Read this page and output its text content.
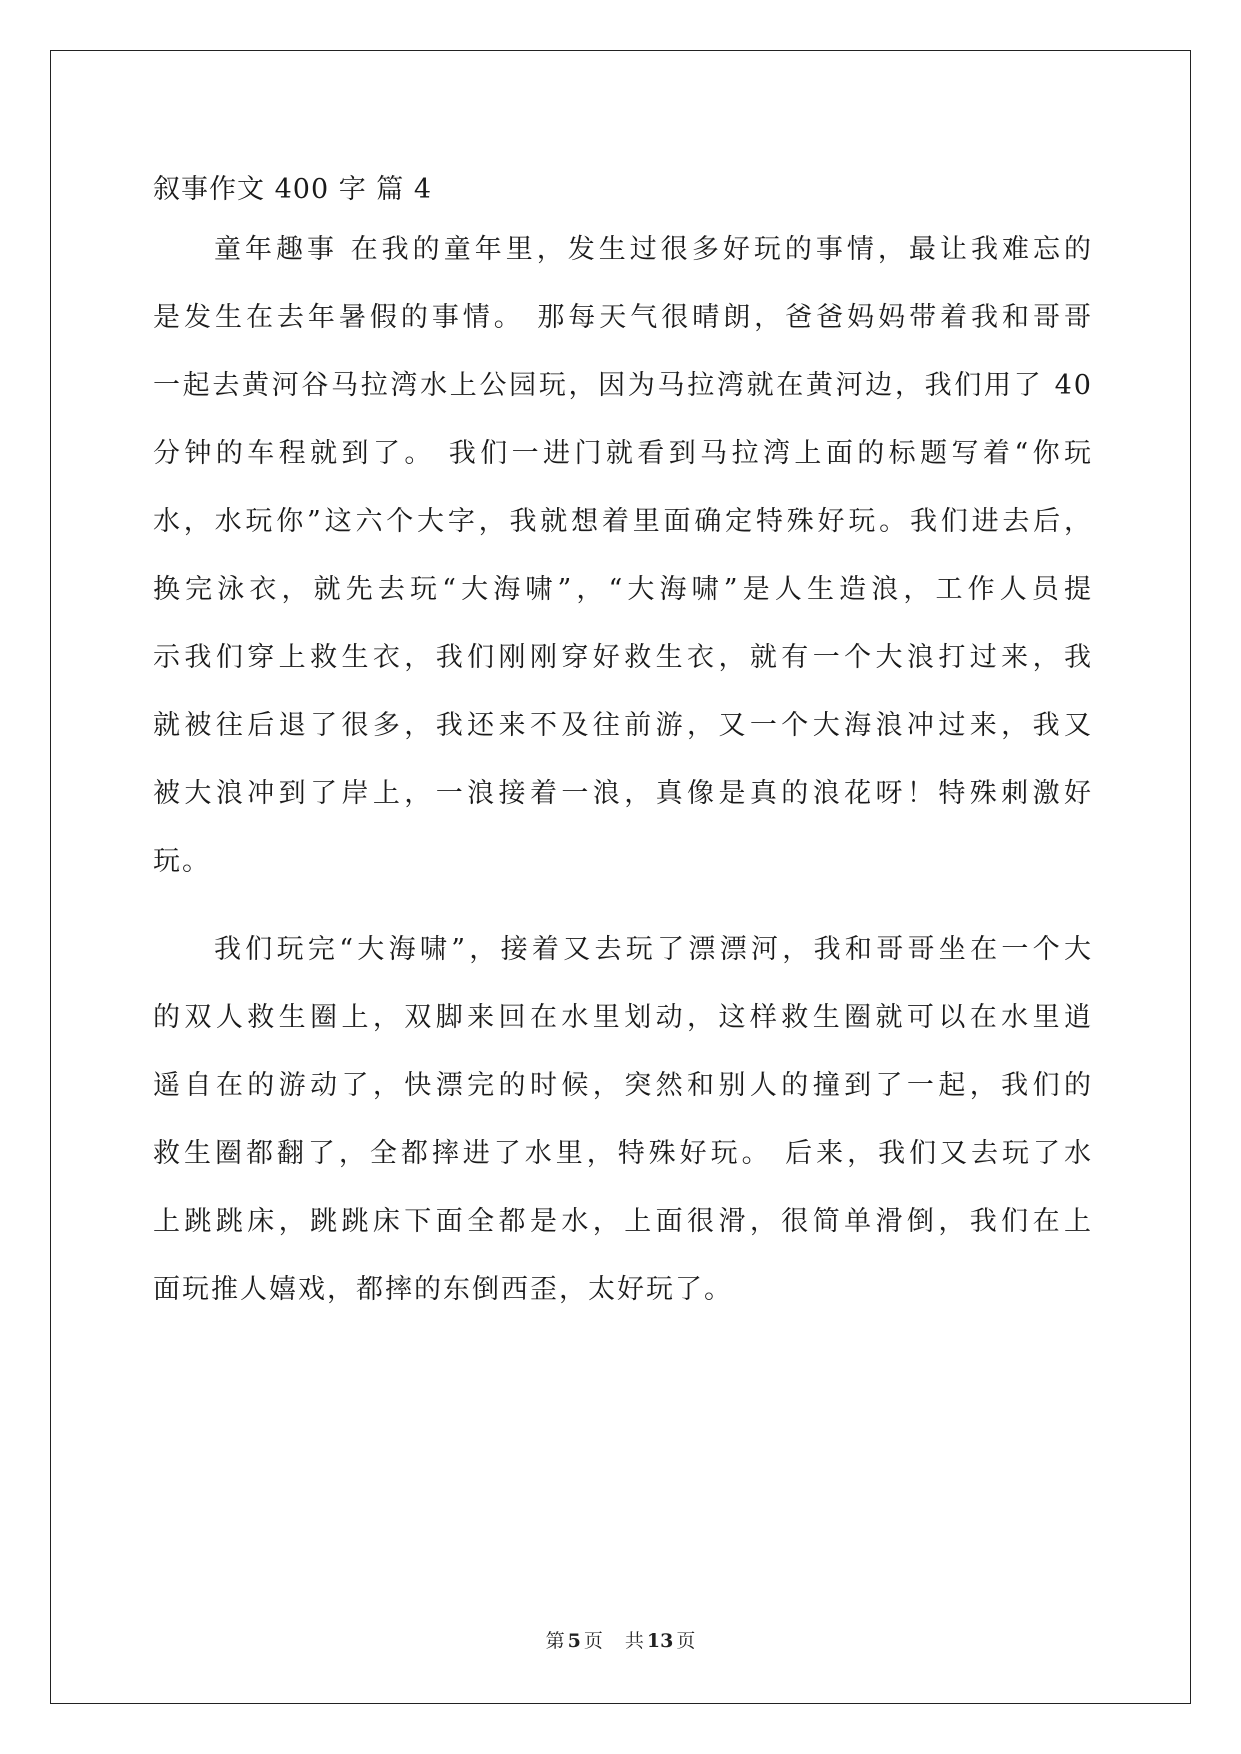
叙事作文 400 字 篇 4
童年趣事 在我的童年里，发生过很多好玩的事情，最让我难忘的
是发生在去年暑假的事情。 那每天气很晴朗，爸爸妈妈带着我和哥哥
一起去黄河谷马拉湾水上公园玩，因为马拉湾就在黄河边，我们用了 40
分钟的车程就到了。 我们一进门就看到马拉湾上面的标题写着“你玩
水，水玩你”这六个大字，我就想着里面确定特殊好玩。我们进去后，
换完泳衣，就先去玩“大海啸”，“大海啸”是人生造浪，工作人员提
示我们穿上救生衣，我们刚刚穿好救生衣，就有一个大浪打过来，我
就被往后退了很多，我还来不及往前游，又一个大海浪冲过来，我又
被大浪冲到了岸上，一浪接着一浪，真像是真的浪花呀！特殊刺激好
玩。
我们玩完“大海啸”，接着又去玩了漂漂河，我和哥哥坐在一个大
的双人救生圈上，双脚来回在水里划动，这样救生圈就可以在水里逍
遥自在的游动了，快漂完的时候，突然和别人的撞到了一起，我们的
救生圈都翻了，全都摔进了水里，特殊好玩。 后来，我们又去玩了水
上跳跳床，跳跳床下面全都是水，上面很滑，很简单滑倒，我们在上
面玩推人嬉戏，都摔的东倒西歪，太好玩了。
第 5 页 共 13 页
